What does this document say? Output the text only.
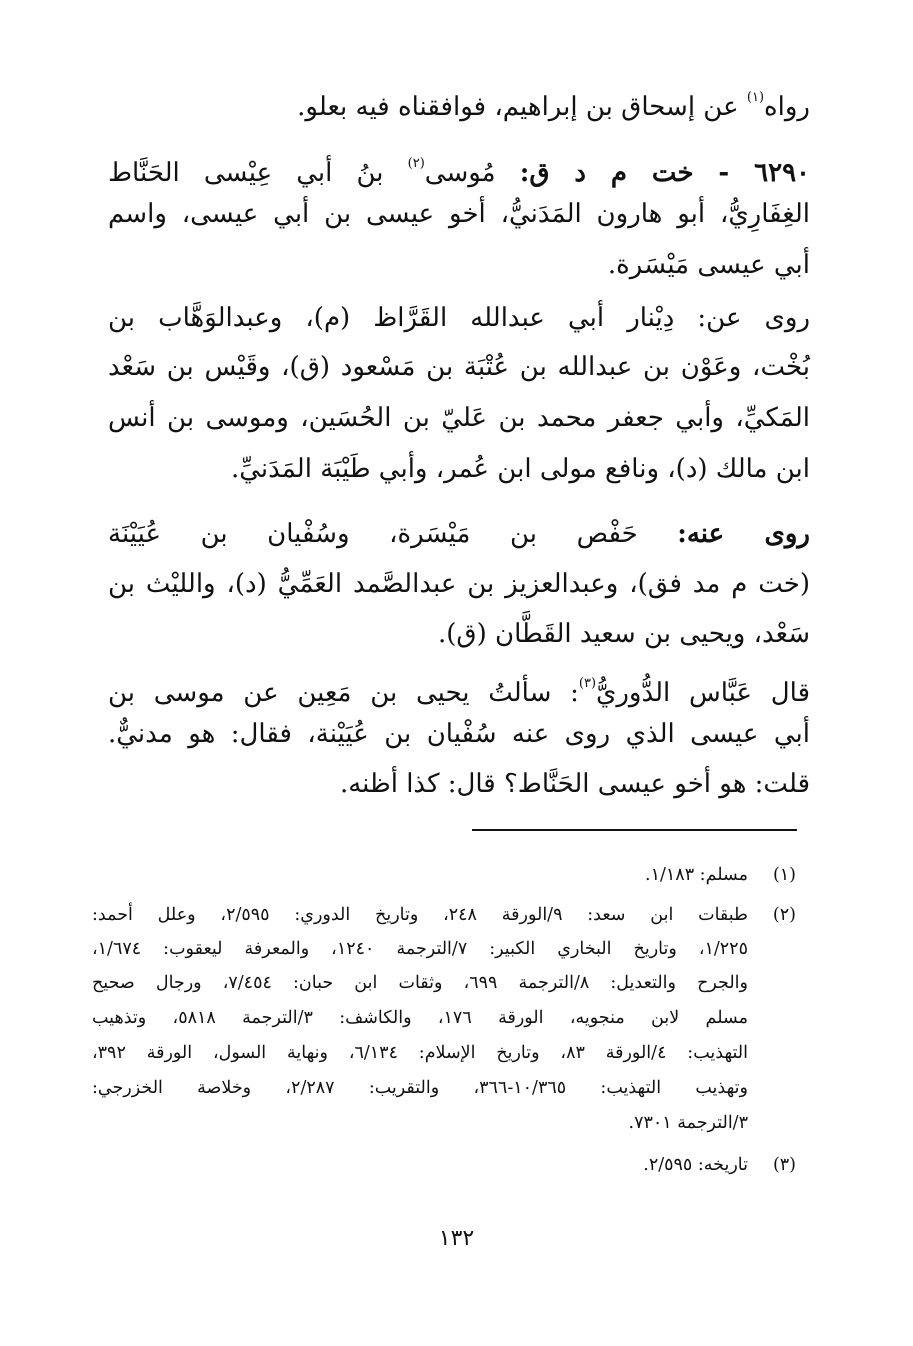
رواه$^{(١)}$ عن إسحاق بن إبراهيم، فوافقناه فيه بعلو.
٦٢٩٠ - خت م د ق: مُوسى$^{(٢)}$ بنُ أبي عِيْسى الحَنَّاط
الغِفَارِيُّ، أبو هارون المَدَنيُّ، أخو عيسى بن أبي عيسى، واسم
أبي عيسى مَيْسَرة.
روى عن: دِيْنار أبي عبدالله القَرَّاظ (م)، وعبدالوَهَّاب بن
بُخْت، وعَوْن بن عبدالله بن عُتْبَة بن مَسْعود (ق)، وقَيْس بن سَعْد
المَكيِّ، وأبي جعفر محمد بن عَليّ بن الحُسَين، وموسى بن أنس
ابن مالك (د)، ونافع مولى ابن عُمر، وأبي طَيْبَة المَدَنيِّ.
روى عنه: حَفْص بن مَيْسَرة، وسُفْيان بن عُيَيْنَة
(خت م مد فق)، وعبدالعزيز بن عبدالصَّمد العَمِّيُّ (د)، والليْث بن
سَعْد، ويحيى بن سعيد القَطَّان (ق).
قال عَبَّاس الدُّوريُّ$^{(٣)}$: سألتُ يحيى بن مَعِين عن موسى بن
أبي عيسى الذي روى عنه سُفْيان بن عُيَيْنة، فقال: هو مدنيٌّ.
قلت: هو أخو عيسى الحَنَّاط؟ قال: كذا أظنه.
(١)مسلم: ١/١٨٣.
(٢)طبقات ابن سعد: ٩/الورقة ٢٤٨، وتاريخ الدوري: ٢/٥٩٥، وعلل أحمد:
١/٢٢٥، وتاريخ البخاري الكبير: ٧/الترجمة ١٢٤٠، والمعرفة ليعقوب: ١/٦٧٤،
والجرح والتعديل: ٨/الترجمة ٦٩٩، وثقات ابن حبان: ٧/٤٥٤، ورجال صحيح
مسلم لابن منجويه، الورقة ١٧٦، والكاشف: ٣/الترجمة ٥٨١٨، وتذهيب
التهذيب: ٤/الورقة ٨٣، وتاريخ الإسلام: ٦/١٣٤، ونهاية السول، الورقة ٣٩٢،
وتهذيب التهذيب: ١٠/٣٦٥-٣٦٦، والتقريب: ٢/٢٨٧، وخلاصة الخزرجي:
٣/الترجمة ٧٣٠١.
(٣)تاريخه: ٢/٥٩٥.
١٣٢
